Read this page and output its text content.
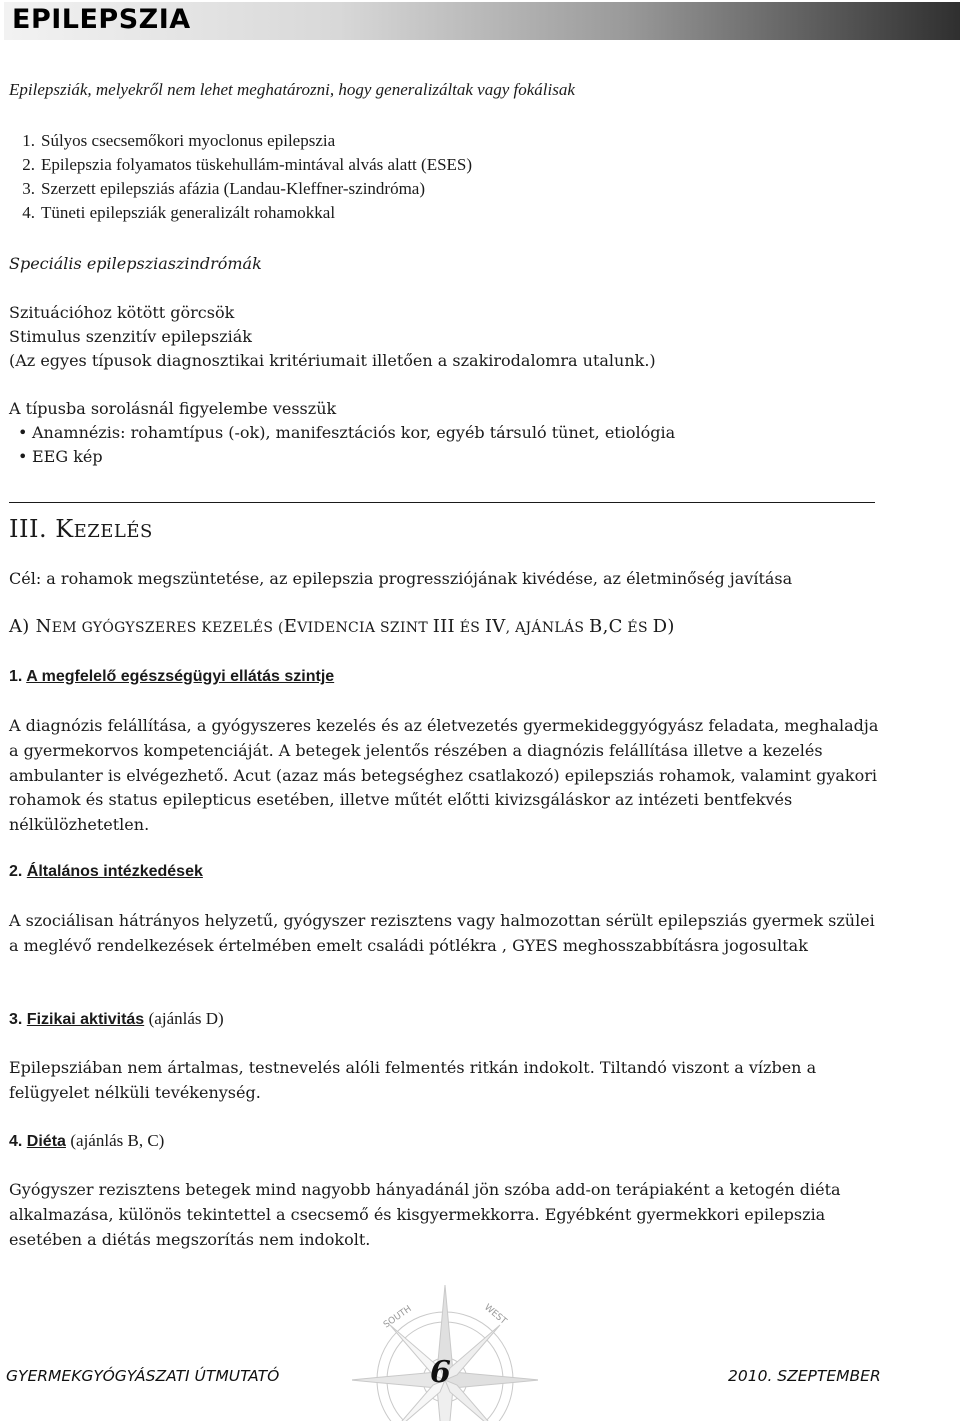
EPILEPSZIA
Epilepsziák, melyekről nem lehet meghatározni, hogy generalizáltak vagy fokálisak
1. Súlyos csecsemőkori myoclonus epilepszia
2. Epilepszia folyamatos tüskehullám-mintával alvás alatt (ESES)
3. Szerzett epilepsziás afázia (Landau-Kleffner-szindróma)
4. Tüneti epilepsziák generalizált rohamokkal
Speciális epilepsziaszindrómák
Szituációhoz kötött görcsök
Stimulus szenzitív epilepsziák
(Az egyes típusok diagnosztikai kritériumait illetően a szakirodalomra utalunk.)
A típusba sorolásnál figyelembe vesszük
• Anamnézis: rohamtípus (-ok), manifesztációs kor, egyéb társuló tünet, etiológia
• EEG kép
III. KEZELÉS
Cél: a rohamok megszüntetése, az epilepszia progressziójának kivédése, az életminőség javítása
A) NEM GYÓGYSZERES KEZELÉS (EVIDENCIA SZINT III ÉS IV, AJÁNLÁS B,C ÉS D)
1. A megfelelő egészségügyi ellátás szintje
A diagnózis felállítása, a gyógyszeres kezelés és az életvezetés gyermekideggyógyász feladata, meghaladja a gyermekorvos kompetenciáját. A betegek jelentős részében a diagnózis felállítása illetve a kezelés ambulanter is elvégezhető. Acut (azaz más betegséghez csatlakozó) epilepsziás rohamok, valamint gyakori rohamok és status epilepticus esetében, illetve műtét előtti kivizsgáláskor az intézeti bentfekvés nélkülözhetetlen.
2. Általános intézkedések
A szociálisan hátrányos helyzetű, gyógyszer rezisztens vagy halmozottan sérült epilepsziás gyermek szülei a meglévő rendelkezések értelmében emelt családi pótlékra , GYES meghosszabbításra jogosultak
3. Fizikai aktivitás (ajánlás D)
Epilepsziában nem ártalmas, testnevelés alóli felmentés ritkán indokolt. Tiltandó viszont a vízben a felügyelet nélküli tevékenység.
4. Diéta (ajánlás B, C)
Gyógyszer rezisztens betegek mind nagyobb hányadánál jön szóba add-on terápiaként a ketogén diéta alkalmazása, különös tekintettel a csecsemő és kisgyermekkorra. Egyébként gyermekkori epilepszia esetében a diétás megszorítás nem indokolt.
SOUTH	WEST
GYERMEKGYÓGYÁSZATI ÚTMUTATÓ	6	2010. SZEPTEMBER
